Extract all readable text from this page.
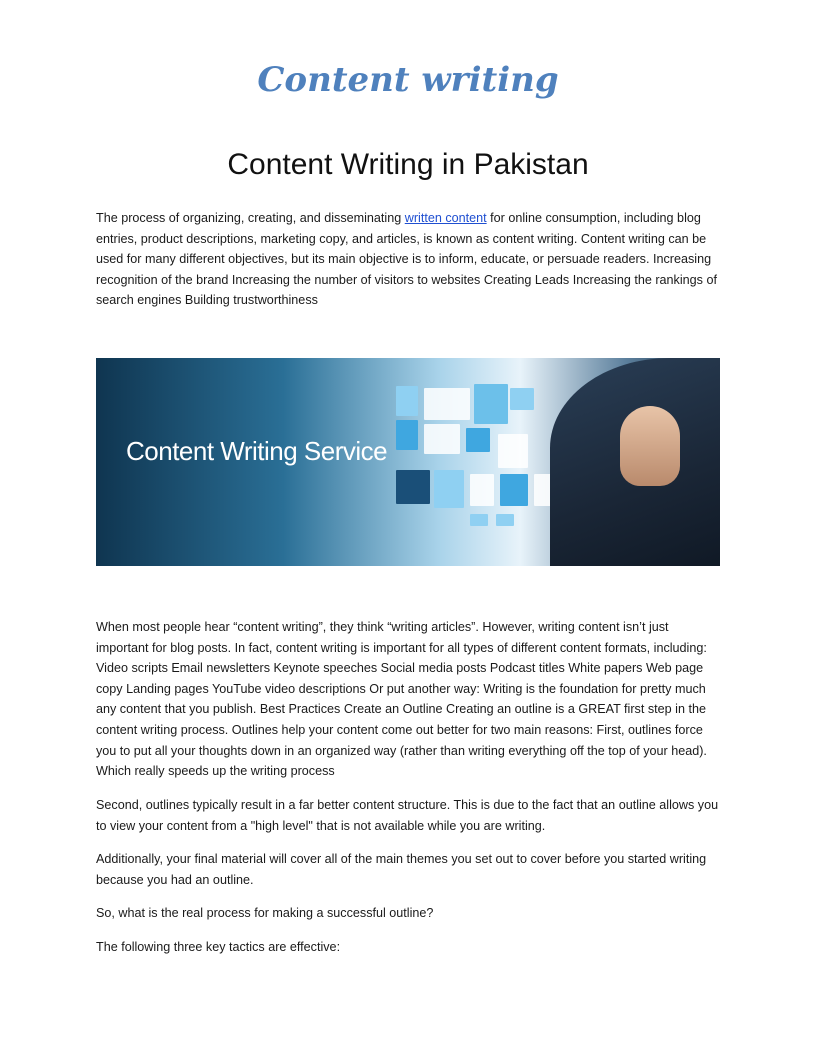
Content writing
Content Writing in Pakistan

The process of organizing, creating, and disseminating written content for online consumption, including blog entries, product descriptions, marketing copy, and articles, is known as content writing. Content writing can be used for many different objectives, but its main objective is to inform, educate, or persuade readers. Increasing recognition of the brand Increasing the number of visitors to websites Creating Leads Increasing the rankings of search engines Building trustworthiness

Content Writing Service

When most people hear “content writing”, they think “writing articles”. However, writing content isn’t just important for blog posts. In fact, content writing is important for all types of different content formats, including: Video scripts Email newsletters Keynote speeches Social media posts Podcast titles White papers Web page copy Landing pages YouTube video descriptions Or put another way: Writing is the foundation for pretty much any content that you publish. Best Practices Create an Outline Creating an outline is a GREAT first step in the content writing process. Outlines help your content come out better for two main reasons: First, outlines force you to put all your thoughts down in an organized way (rather than writing everything off the top of your head). Which really speeds up the writing process

Second, outlines typically result in a far better content structure. This is due to the fact that an outline allows you to view your content from a "high level" that is not available while you are writing.

Additionally, your final material will cover all of the main themes you set out to cover before you started writing because you had an outline.

So, what is the real process for making a successful outline?

The following three key tactics are effective:
